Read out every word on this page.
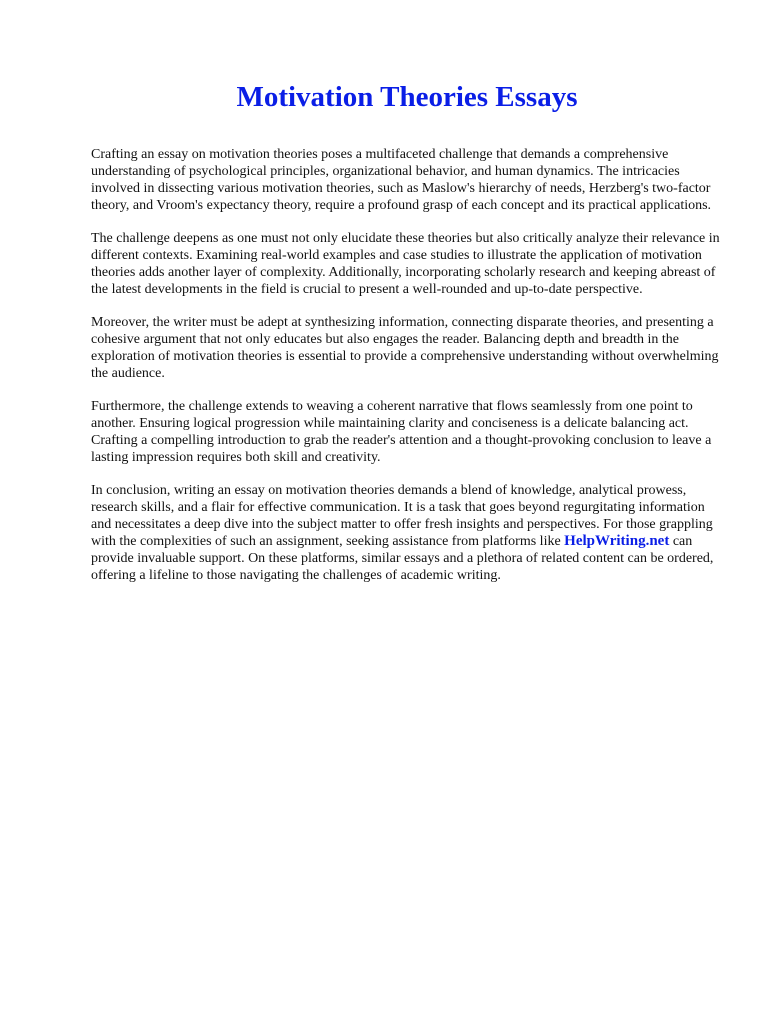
Motivation Theories Essays

Crafting an essay on motivation theories poses a multifaceted challenge that demands a comprehensive understanding of psychological principles, organizational behavior, and human dynamics. The intricacies involved in dissecting various motivation theories, such as Maslow's hierarchy of needs, Herzberg's two-factor theory, and Vroom's expectancy theory, require a profound grasp of each concept and its practical applications.

The challenge deepens as one must not only elucidate these theories but also critically analyze their relevance in different contexts. Examining real-world examples and case studies to illustrate the application of motivation theories adds another layer of complexity. Additionally, incorporating scholarly research and keeping abreast of the latest developments in the field is crucial to present a well-rounded and up-to-date perspective.

Moreover, the writer must be adept at synthesizing information, connecting disparate theories, and presenting a cohesive argument that not only educates but also engages the reader. Balancing depth and breadth in the exploration of motivation theories is essential to provide a comprehensive understanding without overwhelming the audience.

Furthermore, the challenge extends to weaving a coherent narrative that flows seamlessly from one point to another. Ensuring logical progression while maintaining clarity and conciseness is a delicate balancing act. Crafting a compelling introduction to grab the reader's attention and a thought-provoking conclusion to leave a lasting impression requires both skill and creativity.

In conclusion, writing an essay on motivation theories demands a blend of knowledge, analytical prowess, research skills, and a flair for effective communication. It is a task that goes beyond regurgitating information and necessitates a deep dive into the subject matter to offer fresh insights and perspectives. For those grappling with the complexities of such an assignment, seeking assistance from platforms like HelpWriting.net can provide invaluable support. On these platforms, similar essays and a plethora of related content can be ordered, offering a lifeline to those navigating the challenges of academic writing.
